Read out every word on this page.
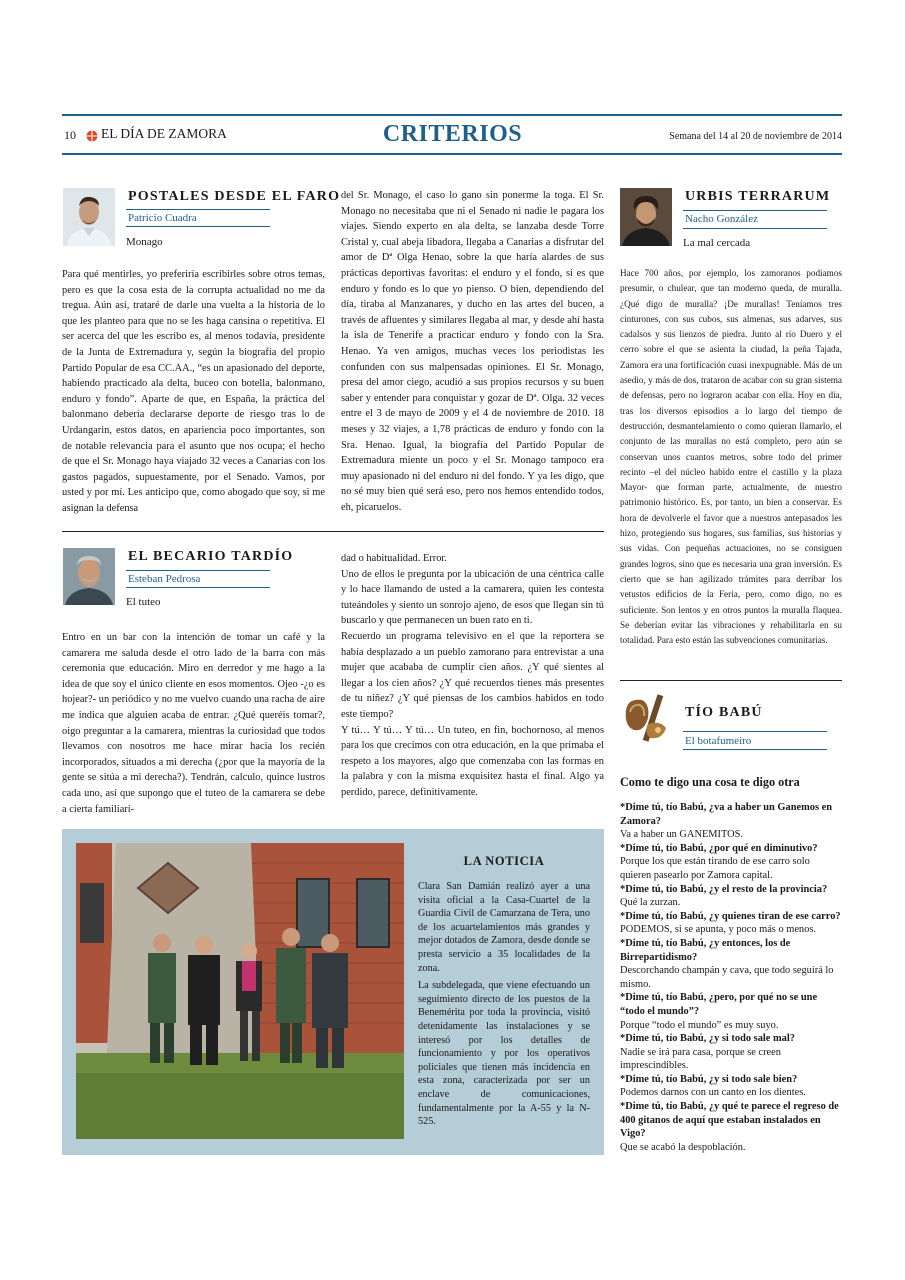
10 EL DÍA DE ZAMORA	CRITERIOS	Semana del 14 al 20 de noviembre de 2014
POSTALES DESDE EL FARO
Patricio Cuadra
Monago

Para qué mentirles, yo preferiría escribirles sobre otros temas, pero es que la cosa esta de la corrupta actualidad no me da tregua. Aún así, trataré de darle una vuelta a la historia de lo que les planteo para que no se les haga cansina o repetitiva. El ser acerca del que les escribo es, al menos todavía, presidente de la Junta de Extremadura y, según la biografía del propio Partido Popular de esa CC.AA., “es un apasionado del deporte, habiendo practicado ala delta, buceo con botella, balonmano, enduro y fondo”. Aparte de que, en España, la práctica del balonmano debería declararse deporte de riesgo tras lo de Urdangarin, estos datos, en apariencia poco importantes, son de notable relevancia para el asunto que nos ocupa; el hecho de que el Sr. Monago haya viajado 32 veces a Canarias con los gastos pagados, supuestamente, por el Senado. Vamos, por usted y por mí. Les anticipo que, como abogado que soy, si me asignan la defensa

del Sr. Monago, el caso lo gano sin ponerme la toga. El Sr. Monago no necesitaba que ni el Senado ni nadie le pagara los viajes. Siendo experto en ala delta, se lanzaba desde Torre Cristal y, cual abeja libadora, llegaba a Canarias a disfrutar del amor de Dª Olga Henao, sobre la que haría alardes de sus prácticas deportivas favoritas: el enduro y el fondo, si es que enduro y fondo es lo que yo pienso. O bien, dependiendo del día, tiraba al Manzanares, y ducho en las artes del buceo, a través de afluentes y similares llegaba al mar, y desde ahí hasta la isla de Tenerife a practicar enduro y fondo con la Sra. Henao. Ya ven amigos, muchas veces los periodistas les confunden con sus malpensadas opiniones. El Sr. Monago, presa del amor ciego, acudió a sus propios recursos y su buen saber y entender para conquistar y gozar de Dª. Olga. 32 veces entre el 3 de mayo de 2009 y el 4 de noviembre de 2010. 18 meses y 32 viajes, a 1,78 prácticas de enduro y fondo con la Sra. Henao. Igual, la biografía del Partido Popular de Extremadura miente un poco y el Sr. Monago tampoco era muy apasionado ni del enduro ni del fondo. Y ya les digo, que no sé muy bien qué será eso, pero nos hemos entendido todos, eh, picaruelos.

EL BECARIO TARDÍO
Esteban Pedrosa
El tuteo

Entro en un bar con la intención de tomar un café y la camarera me saluda desde el otro lado de la barra con más ceremonia que educación. Miro en derredor y me hago a la idea de que soy el único cliente en esos momentos. Ojeo -¿o es hojear?- un periódico y no me vuelvo cuando una racha de aire me indica que alguien acaba de entrar. ¿Qué queréis tomar?, oigo preguntar a la camarera, mientras la curiosidad que todos llevamos con nosotros me hace mirar hacia los recién incorporados, situados a mi derecha (¿por que la mayoría de la gente se sitúa a mi derecha?). Tendrán, calculo, quince lustros cada uno, así que supongo que el tuteo de la camarera se debe a cierta familiari-

dad o habitualidad. Error.

Uno de ellos le pregunta por la ubicación de una céntrica calle y lo hace llamando de usted a la camarera, quien les contesta tuteándoles y siento un sonrojo ajeno, de esos que llegan sin tú buscarlo y que permanecen un buen rato en ti.

Recuerdo un programa televisivo en el que la reportera se había desplazado a un pueblo zamorano para entrevistar a una mujer que acababa de cumplir cien años. ¿Y qué sientes al llegar a los cien años? ¿Y qué recuerdos tienes más presentes de tu niñez? ¿Y qué piensas de los cambios habidos en todo este tiempo?

Y tú… Y tú… Y tú… Un tuteo, en fin, bochornoso, al menos para los que crecimos con otra educación, en la que primaba el respeto a los mayores, algo que comenzaba con las formas en la palabra y con la misma exquisitez hasta el final. Algo ya perdido, parece, definitivamente.

LA NOTICIA

Clara San Damián realizó ayer a una visita oficial a la Casa-Cuartel de la Guardia Civil de Camarzana de Tera, uno de los acuartelamientos más grandes y mejor dotados de Zamora, desde donde se presta servicio a 35 localidades de la zona.

La subdelegada, que viene efectuando un seguimiento directo de los puestos de la Benemérita por toda la provincia, visitó detenidamente las instalaciones y se interesó por los detalles de funcionamiento y por los operativos policiales que tienen más incidencia en esta zona, caracterizada por ser un enclave de comunicaciones, fundamentalmente por la A-55 y la N-525.

URBIS TERRARUM
Nacho González
La mal cercada

Hace 700 años, por ejemplo, los zamoranos podíamos presumir, o chulear, que tan moderno queda, de muralla. ¿Qué digo de muralla? ¡De murallas! Teníamos tres cinturones, con sus cubos, sus almenas, sus adarves, sus cadalsos y sus lienzos de piedra. Junto al río Duero y el cerro sobre el que se asienta la ciudad, la peña Tajada, Zamora era una fortificación cuasi inexpugnable. Más de un asedio, y más de dos, trataron de acabar con su gran sistema de defensas, pero no lograron acabar con ella. Hoy en día, tras los diversos episodios a lo largo del tiempo de destrucción, desmantelamiento o como quieran llamarlo, el conjunto de las murallas no está completo, pero aún se conservan unos cuantos metros, sobre todo del primer recinto –el del núcleo habido entre el castillo y la plaza Mayor- que forman parte, actualmente, de nuestro patrimonio histórico. Es, por tanto, un bien a conservar. Es hora de devolverle el favor que a nuestros antepasados les hizo, protegiendo sus hogares, sus familias, sus historias y sus vidas. Con pequeñas actuaciones, no se consiguen grandes logros, sino que es necesaria una gran inversión. Es cierto que se han agilizado trámites para derribar los vetustos edificios de la Feria, pero, como digo, no es suficiente. Son lentos y en otros puntos la muralla flaquea. Se deberían evitar las vibraciones y rehabilitarla en su totalidad. Para esto están las subvenciones comunitarias.

TÍO BABÚ
El botafumeiro
Como te digo una cosa te digo otra

*Dime tú, tío Babú, ¿va a haber un Ganemos en Zamora?

Va a haber un GANEMITOS.

*Dime tú, tío Babú, ¿por qué en diminutivo?

Porque los que están tirando de ese carro solo quieren pasearlo por Zamora capital.

*Dime tú, tío Babú, ¿y el resto de la provincia?

Qué la zurzan.

*Dime tú, tío Babú, ¿y quienes tiran de ese carro?

PODEMOS, si se apunta, y poco más o menos.

*Dime tú, tío Babú, ¿y entonces, los de Birrepartidismo?

Descorchando champán y cava, que todo seguirá lo mismo.

*Dime tú, tío Babú, ¿pero, por qué no se une “todo el mundo”?

Porque “todo el mundo” es muy suyo.

*Dime tú, tío Babú, ¿y si todo sale mal?

Nadie se irá para casa, porque se creen imprescindibles.

*Dime tú, tío Babú, ¿y si todo sale bien?

Podemos darnos con un canto en los dientes.

*Dime tú, tío Babú, ¿y qué te parece el regreso de 400 gitanos de aquí que estaban instalados en Vigo?

Que se acabó la despoblación.
